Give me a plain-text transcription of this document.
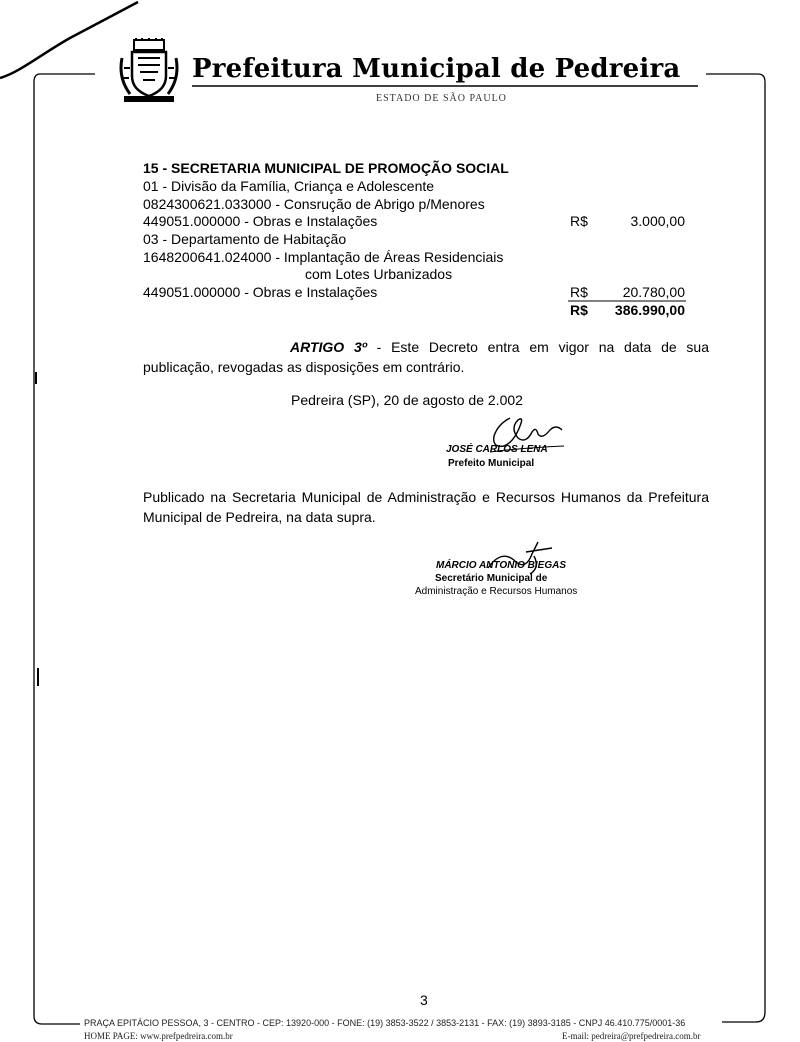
Prefeitura Municipal de Pedreira
ESTADO DE SÃO PAULO
15 - SECRETARIA MUNICIPAL DE PROMOÇÃO SOCIAL
01 - Divisão da Família, Criança e Adolescente
0824300621.033000 - Consrução de Abrigo p/Menores
449051.000000 - Obras e Instalações	R$	3.000,00
03 - Departamento de Habitação
1648200641.024000 - Implantação de Áreas Residenciais
com Lotes Urbanizados
449051.000000 - Obras e Instalações	R$	20.780,00
R$	386.990,00
ARTIGO 3º - Este Decreto entra em vigor na data de sua publicação, revogadas as disposições em contrário.
Pedreira (SP), 20 de agosto de 2.002
JOSÉ CARLOS LENA
Prefeito Municipal
Publicado na Secretaria Municipal de Administração e Recursos Humanos da Prefeitura Municipal de Pedreira, na data supra.
MÁRCIO ANTONIO BIEGAS
Secretário Municipal de
Administração e Recursos Humanos
3
PRAÇA EPITÁCIO PESSOA, 3 - CENTRO - CEP: 13920-000 - FONE: (19) 3853-3522 / 3853-2131 - FAX: (19) 3893-3185 - CNPJ 46.410.775/0001-36
HOME PAGE: www.prefpedreira.com.br	E-mail: pedreira@prefpedreira.com.br
